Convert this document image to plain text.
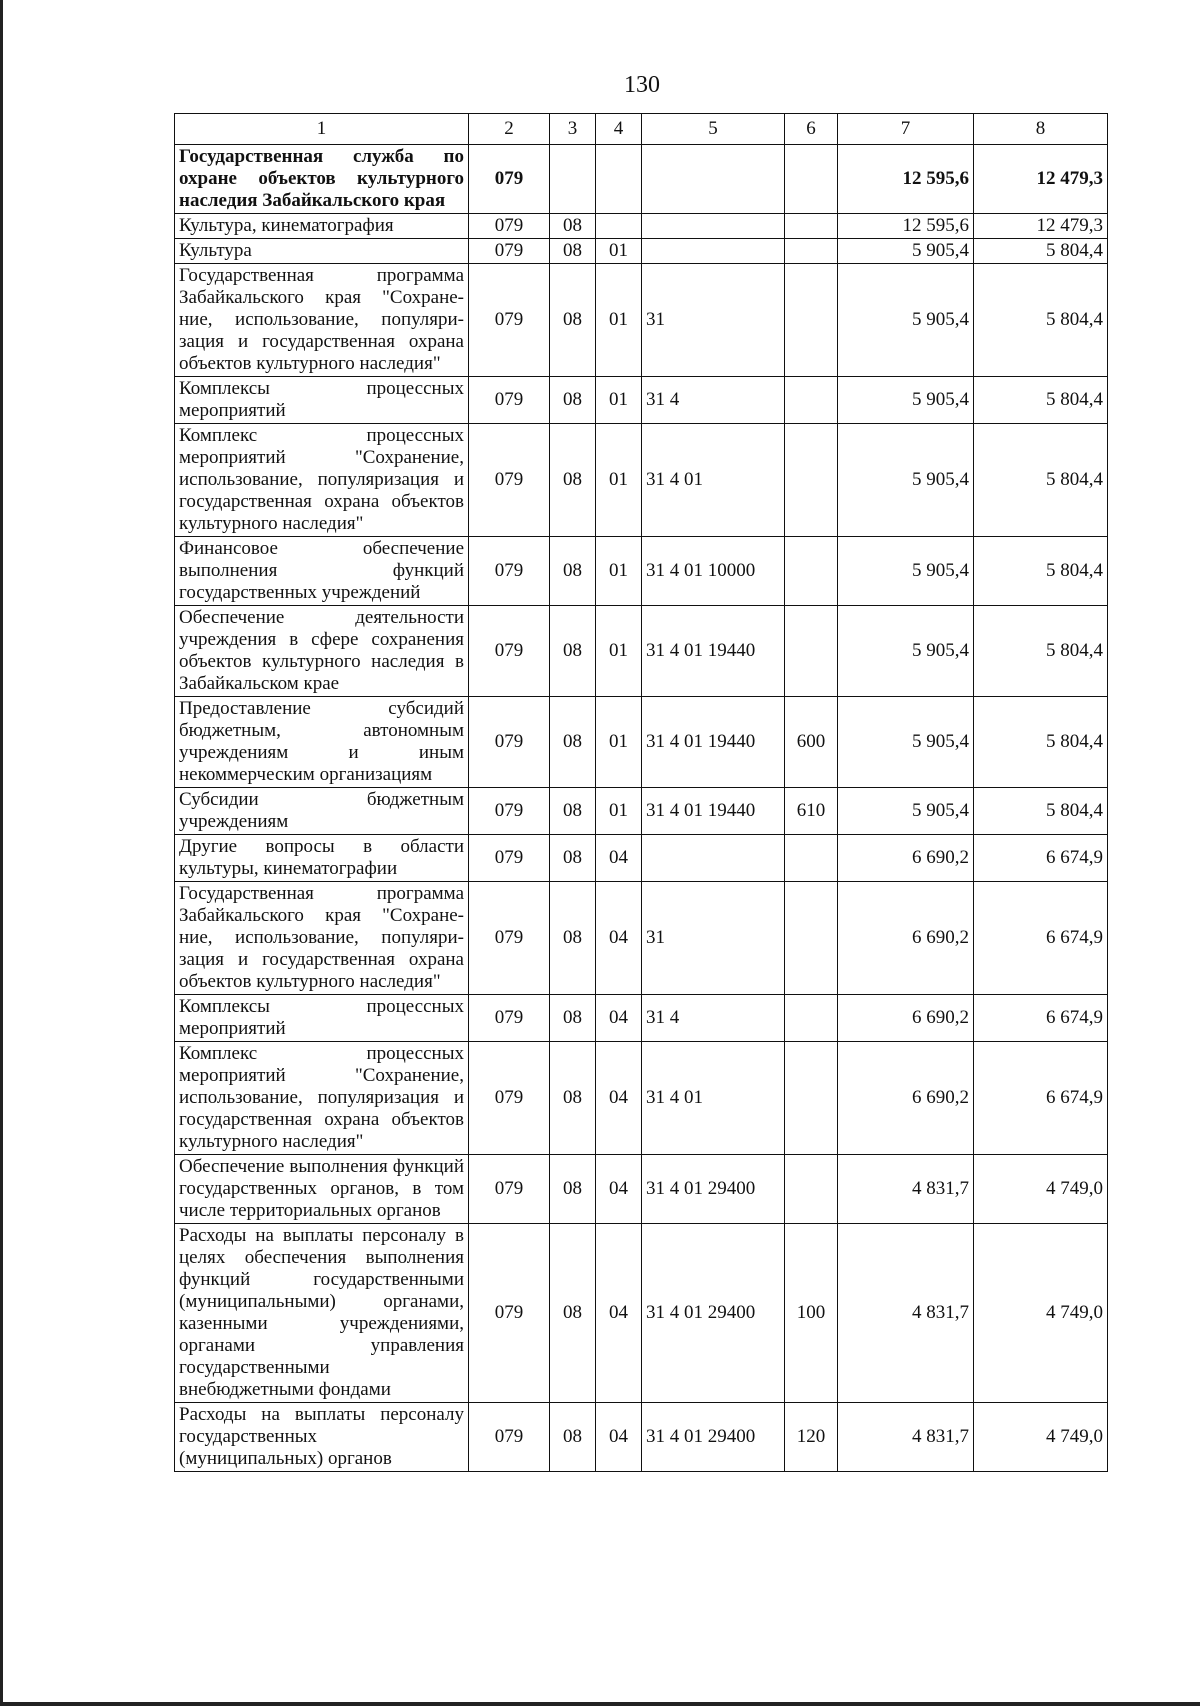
130
1	2	3	4	5	6	7	8
Государственная служба по охране объектов культурного наследия Забайкальского края	079					12 595,6	12 479,3
Культура, кинематография	079	08				12 595,6	12 479,3
Культура	079	08	01			5 905,4	5 804,4
Государственная программа Забайкальского края "Сохране-ние, использование, популяри-зация и государственная охрана объектов культурного наследия"	079	08	01	31		5 905,4	5 804,4
Комплексы процессных мероприятий	079	08	01	31 4		5 905,4	5 804,4
Комплекс процессных мероприятий "Сохранение, использование, популяризация и государственная охрана объектов культурного наследия"	079	08	01	31 4 01		5 905,4	5 804,4
Финансовое обеспечение выполнения функций государственных учреждений	079	08	01	31 4 01 10000		5 905,4	5 804,4
Обеспечение деятельности учреждения в сфере сохранения объектов культурного наследия в Забайкальском крае	079	08	01	31 4 01 19440		5 905,4	5 804,4
Предоставление субсидий бюджетным, автономным учреждениям и иным некоммерческим организациям	079	08	01	31 4 01 19440	600	5 905,4	5 804,4
Субсидии бюджетным учреждениям	079	08	01	31 4 01 19440	610	5 905,4	5 804,4
Другие вопросы в области культуры, кинематографии	079	08	04			6 690,2	6 674,9
Государственная программа Забайкальского края "Сохране-ние, использование, популяри-зация и государственная охрана объектов культурного наследия"	079	08	04	31		6 690,2	6 674,9
Комплексы процессных мероприятий	079	08	04	31 4		6 690,2	6 674,9
Комплекс процессных мероприятий "Сохранение, использование, популяризация и государственная охрана объектов культурного наследия"	079	08	04	31 4 01		6 690,2	6 674,9
Обеспечение выполнения функций государственных органов, в том числе территориальных органов	079	08	04	31 4 01 29400		4 831,7	4 749,0
Расходы на выплаты персоналу в целях обеспечения выполнения функций государственными (муниципальными) органами, казенными учреждениями, органами управления государственными внебюджетными фондами	079	08	04	31 4 01 29400	100	4 831,7	4 749,0
Расходы на выплаты персоналу государственных (муниципальных) органов	079	08	04	31 4 01 29400	120	4 831,7	4 749,0
